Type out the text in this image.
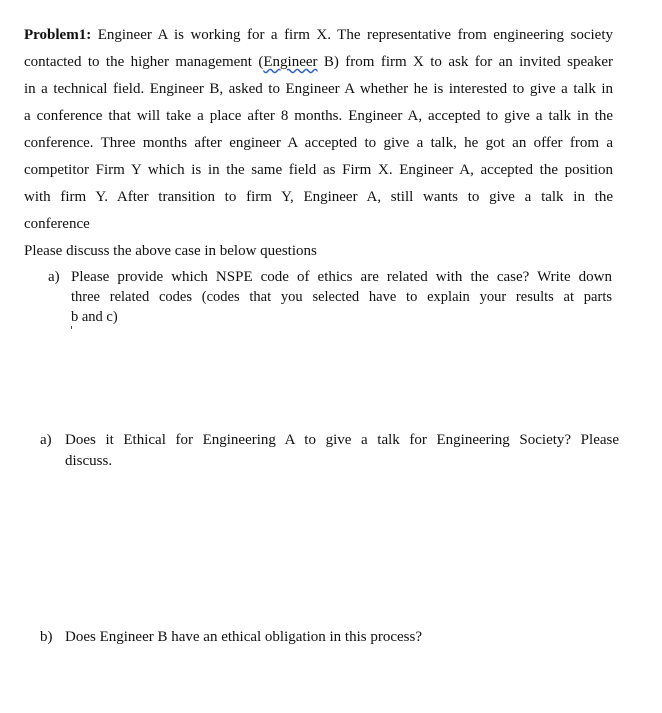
Problem1: Engineer A is working for a firm X. The representative from engineering society
contacted to the higher management (Engineer B) from firm X to ask for an invited speaker
in a technical field. Engineer B, asked to Engineer A whether he is interested to give a talk in
a conference that will take a place after 8 months. Engineer A, accepted to give a talk in the
conference. Three months after engineer A accepted to give a talk, he got an offer from a
competitor Firm Y which is in the same field as Firm X. Engineer A, accepted the position
with firm Y. After transition to firm Y, Engineer A, still wants to give a talk in the
conference
Please discuss the above case in below questions
a) Please provide which NSPE code of ethics are related with the case? Write down
three related codes (codes that you selected have to explain your results at parts
b and c)
a) Does it Ethical for Engineering A to give a talk for Engineering Society? Please
discuss.
b) Does Engineer B have an ethical obligation in this process?
